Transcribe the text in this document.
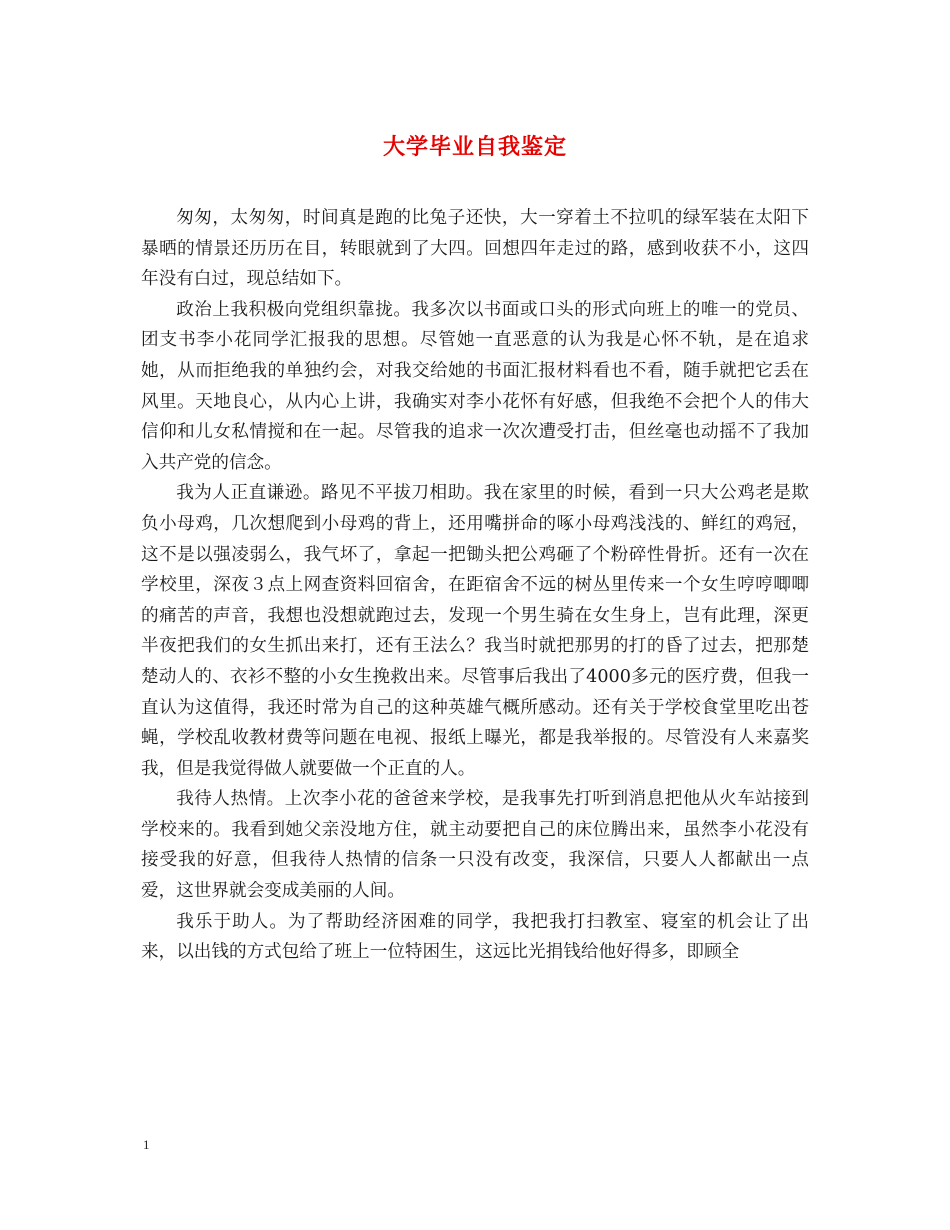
大学毕业自我鉴定

匆匆，太匆匆，时间真是跑的比兔子还快，大一穿着土不拉叽的绿军装在太阳下暴晒的情景还历历在目，转眼就到了大四。回想四年走过的路，感到收获不小，这四年没有白过，现总结如下。

政治上我积极向党组织靠拢。我多次以书面或口头的形式向班上的唯一的党员、团支书李小花同学汇报我的思想。尽管她一直恶意的认为我是心怀不轨，是在追求她，从而拒绝我的单独约会，对我交给她的书面汇报材料看也不看，随手就把它丢在风里。天地良心，从内心上讲，我确实对李小花怀有好感，但我绝不会把个人的伟大信仰和儿女私情搅和在一起。尽管我的追求一次次遭受打击，但丝毫也动摇不了我加入共产党的信念。

我为人正直谦逊。路见不平拔刀相助。我在家里的时候，看到一只大公鸡老是欺负小母鸡，几次想爬到小母鸡的背上，还用嘴拼命的啄小母鸡浅浅的、鲜红的鸡冠，这不是以强凌弱么，我气坏了，拿起一把锄头把公鸡砸了个粉碎性骨折。还有一次在学校里，深夜３点上网查资料回宿舍，在距宿舍不远的树丛里传来一个女生哼哼唧唧的痛苦的声音，我想也没想就跑过去，发现一个男生骑在女生身上，岂有此理，深更半夜把我们的女生抓出来打，还有王法么？我当时就把那男的打的昏了过去，把那楚楚动人的、衣衫不整的小女生挽救出来。尽管事后我出了4000多元的医疗费，但我一直认为这值得，我还时常为自己的这种英雄气概所感动。还有关于学校食堂里吃出苍蝇，学校乱收教材费等问题在电视、报纸上曝光，都是我举报的。尽管没有人来嘉奖我，但是我觉得做人就要做一个正直的人。

我待人热情。上次李小花的爸爸来学校，是我事先打听到消息把他从火车站接到学校来的。我看到她父亲没地方住，就主动要把自己的床位腾出来，虽然李小花没有接受我的好意，但我待人热情的信条一只没有改变，我深信，只要人人都献出一点爱，这世界就会变成美丽的人间。

我乐于助人。为了帮助经济困难的同学，我把我打扫教室、寝室的机会让了出来，以出钱的方式包给了班上一位特困生，这远比光捐钱给他好得多，即顾全

1
